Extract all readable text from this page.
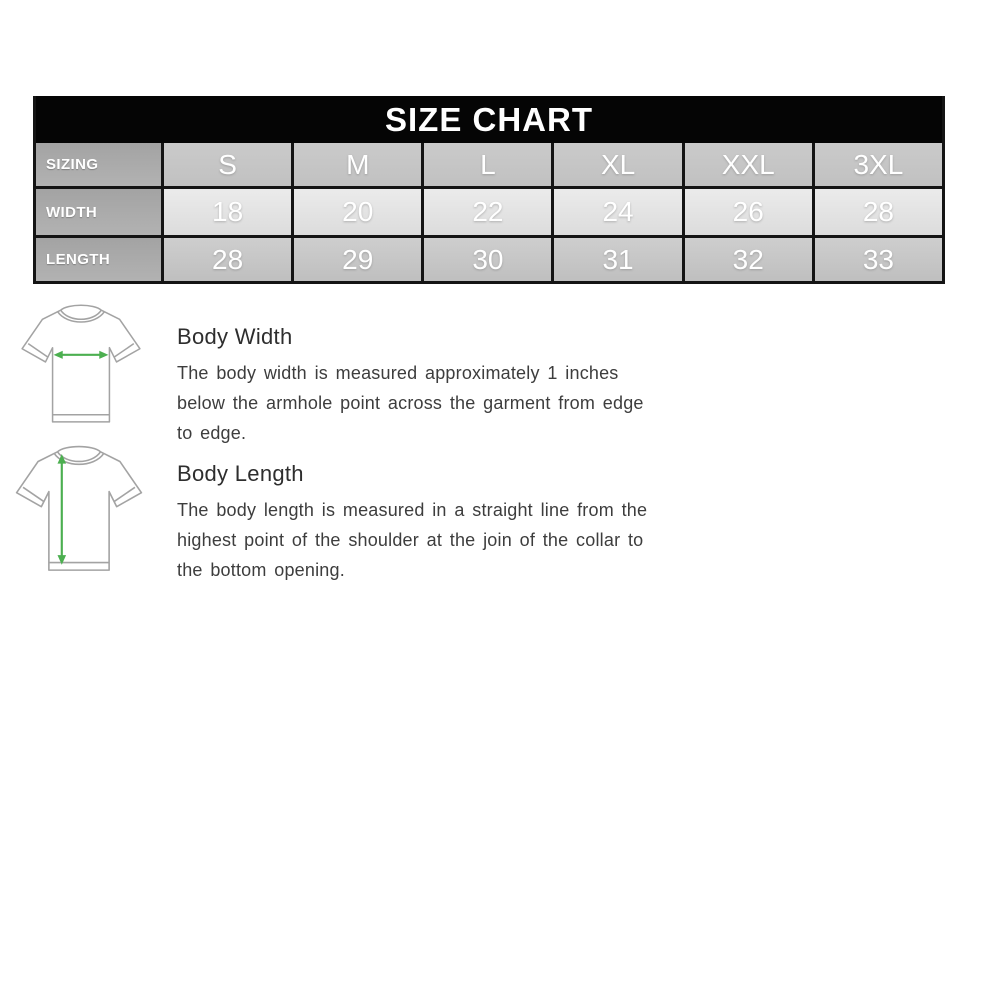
SIZE CHART
SIZING	S	M	L	XL	XXL	3XL
WIDTH	18	20	22	24	26	28
LENGTH	28	29	30	31	32	33
Body Width
The body width is measured approximately 1 inches
below the armhole point across the garment from edge
to edge.
Body Length
The body length is measured in a straight line from the
highest point of the shoulder at the join of the collar to
the bottom opening.
